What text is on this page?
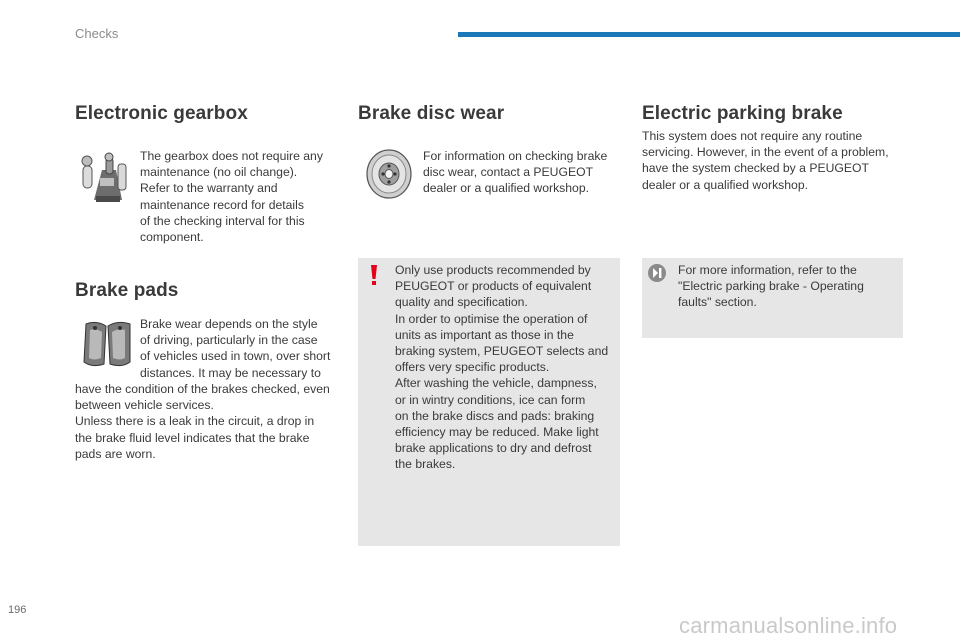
Checks
Electronic gearbox
The gearbox does not require any
maintenance (no oil change).
Refer to the warranty and
maintenance record for details
of the checking interval for this
component.
Brake pads
Brake wear depends on the style
of driving, particularly in the case
of vehicles used in town, over short
distances. It may be necessary to
have the condition of the brakes checked, even
between vehicle services.
Unless there is a leak in the circuit, a drop in
the brake fluid level indicates that the brake
pads are worn.
Brake disc wear
For information on checking brake
disc wear, contact a PEUGEOT
dealer or a qualified workshop.
Only use products recommended by
PEUGEOT or products of equivalent
quality and specification.
In order to optimise the operation of
units as important as those in the
braking system, PEUGEOT selects and
offers very specific products.
After washing the vehicle, dampness,
or in wintry conditions, ice can form
on the brake discs and pads: braking
efficiency may be reduced. Make light
brake applications to dry and defrost
the brakes.
Electric parking brake
This system does not require any routine
servicing. However, in the event of a problem,
have the system checked by a PEUGEOT
dealer or a qualified workshop.
For more information, refer to the
"Electric parking brake - Operating
faults" section.
196
carmanualsonline.info
